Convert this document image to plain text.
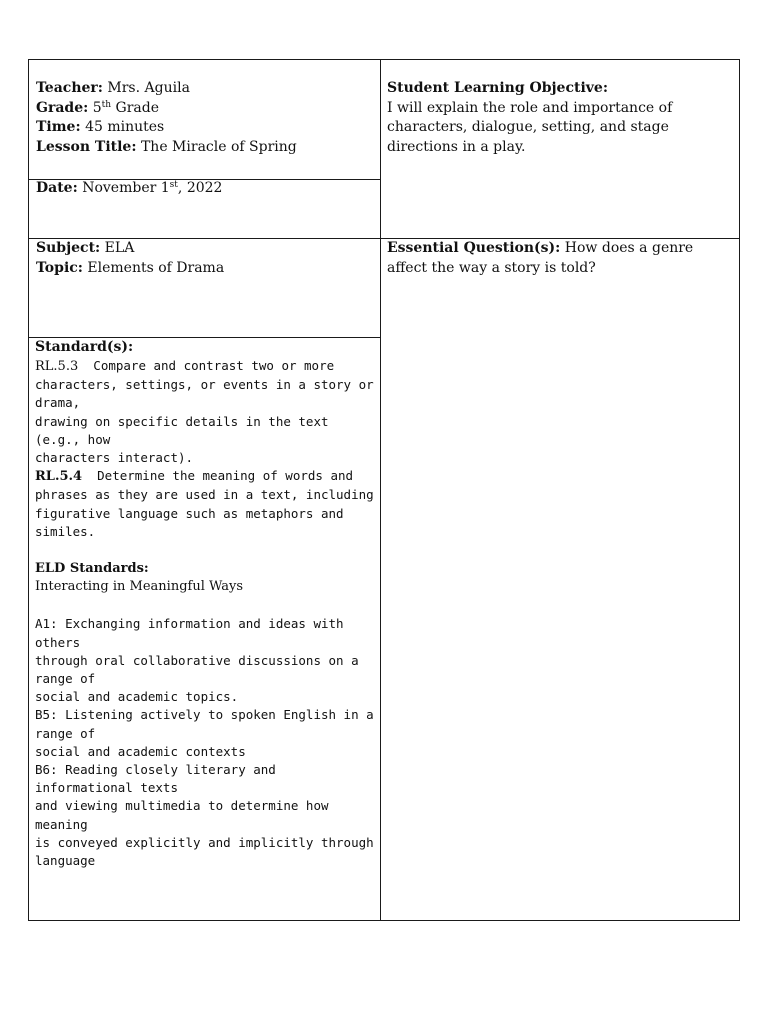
Teacher: Mrs. Aguila
Grade: 5th Grade
Time: 45 minutes
Lesson Title: The Miracle of Spring
Date: November 1st, 2022
Student Learning Objective:
I will explain the role and importance of characters, dialogue, setting, and stage directions in a play.
Subject: ELA
Topic: Elements of Drama
Essential Question(s): How does a genre affect the way a story is told?
Standard(s):
RL.5.3 Compare and contrast two or more
characters, settings, or events in a story or drama,
drawing on specific details in the text (e.g., how
characters interact).
RL.5.4 Determine the meaning of words and
phrases as they are used in a text, including
figurative language such as metaphors and similes.
ELD Standards:
Interacting in Meaningful Ways
A1: Exchanging information and ideas with others
through oral collaborative discussions on a range of
social and academic topics.
B5: Listening actively to spoken English in a range of
social and academic contexts
B6: Reading closely literary and informational texts
and viewing multimedia to determine how meaning
is conveyed explicitly and implicitly through
language
